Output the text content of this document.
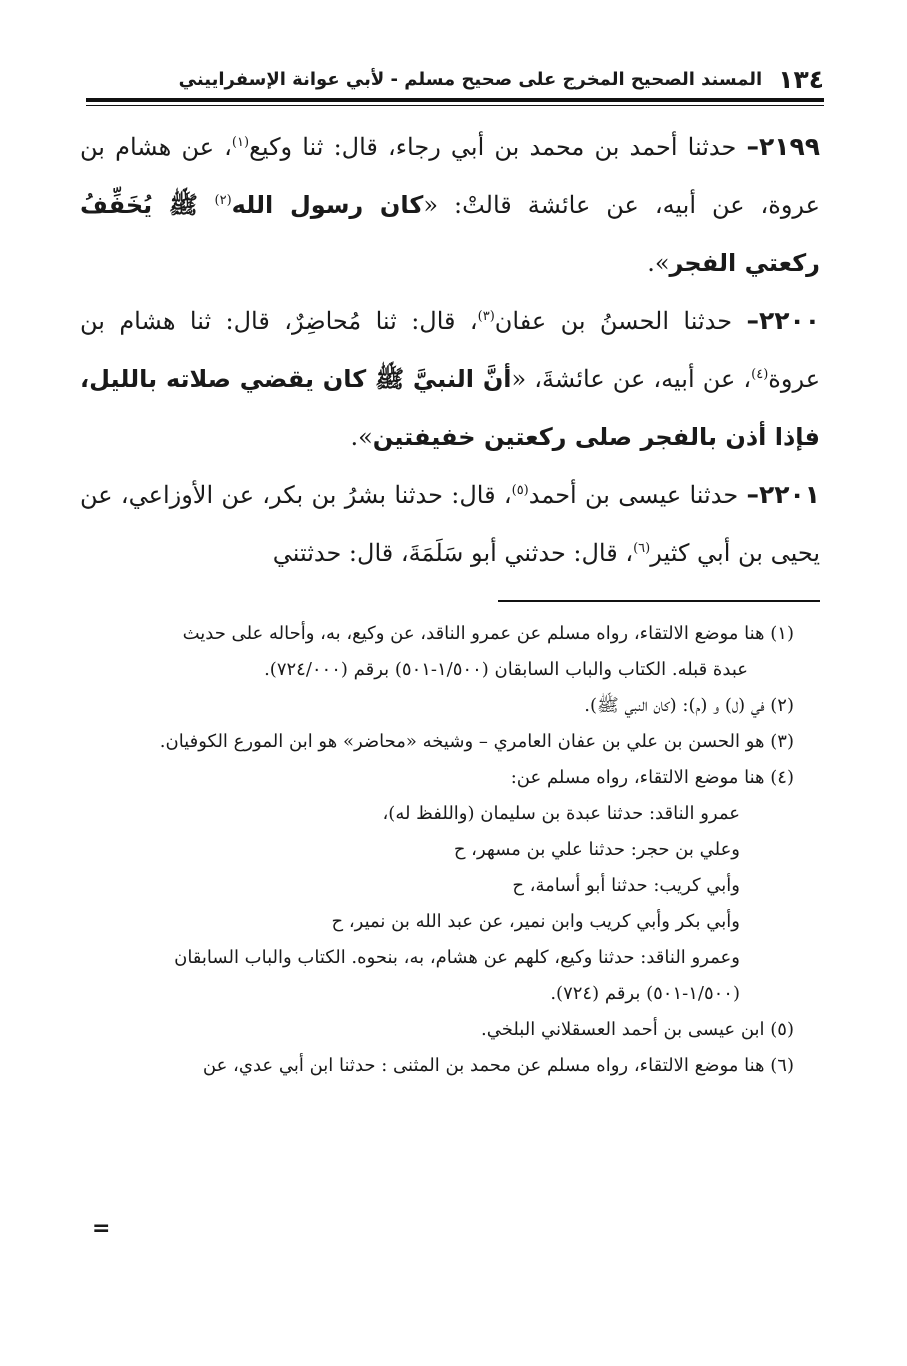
١٣٤
المسند الصحيح المخرج على صحيح مسلم - لأبي عوانة الإسفراييني

٢١٩٩– حدثنا أحمد بن محمد بن أبي رجاء، قال: ثنا وكيع$^{(١)}$، عن هشام بن عروة، عن أبيه، عن عائشة قالتْ: «كان رسول الله$^{(٢)}$ ﷺ يُخَفِّفُ ركعتي الفجر».

٢٢٠٠– حدثنا الحسنُ بن عفان$^{(٣)}$، قال: ثنا مُحاضِرٌ، قال: ثنا هشام بن عروة$^{(٤)}$، عن أبيه، عن عائشةَ، «أنَّ النبيَّ ﷺ كان يقضي صلاته بالليل، فإذا أذن بالفجر صلى ركعتين خفيفتين».

٢٢٠١– حدثنا عيسى بن أحمد$^{(٥)}$، قال: حدثنا بشرُ بن بكر، عن الأوزاعي، عن يحيى بن أبي كثير$^{(٦)}$، قال: حدثني أبو سَلَمَةَ، قال: حدثتني

(١) هنا موضع الالتقاء، رواه مسلم عن عمرو الناقد، عن وكيع، به، وأحاله على حديث

عبدة قبله. الكتاب والباب السابقان (١/٥٠٠-٥٠١) برقم (٧٢٤/٠٠٠).

(٢) في (ل) و (م): (كان النبي ﷺ).

(٣) هو الحسن بن علي بن عفان العامري – وشيخه «محاضر» هو ابن المورع الكوفيان.

(٤) هنا موضع الالتقاء، رواه مسلم عن:

عمرو الناقد: حدثنا عبدة بن سليمان (واللفظ له)،

وعلي بن حجر: حدثنا علي بن مسهر، ح

وأبي كريب: حدثنا أبو أسامة، ح

وأبي بكر وأبي كريب وابن نمير، عن عبد الله بن نمير، ح

وعمرو الناقد: حدثنا وكيع، كلهم عن هشام، به، بنحوه. الكتاب والباب السابقان

(١/٥٠٠-٥٠١) برقم (٧٢٤).

(٥) ابن عيسى بن أحمد العسقلاني البلخي.

(٦) هنا موضع الالتقاء، رواه مسلم عن محمد بن المثنى : حدثنا ابن أبي عدي، عن

=
